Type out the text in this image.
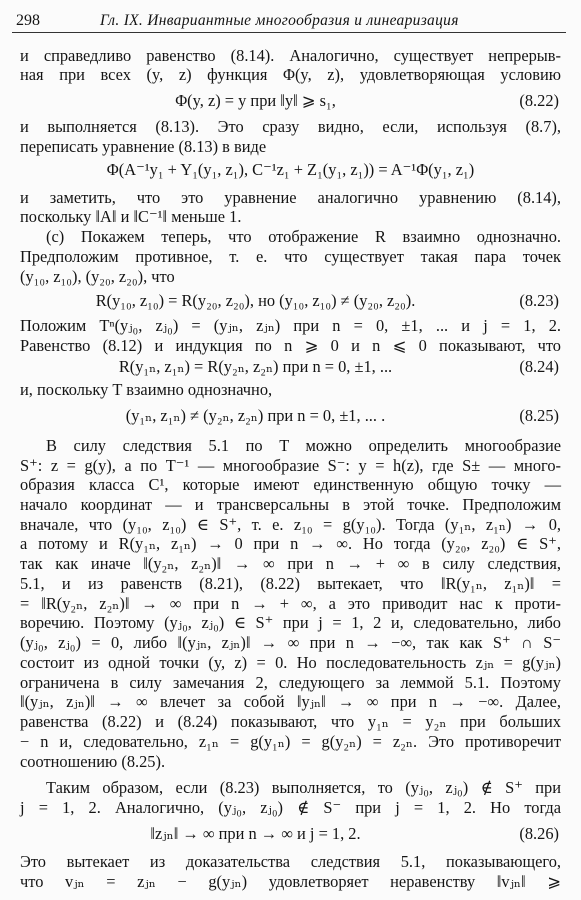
298	Гл. IX. Инвариантные многообразия и линеаризация
и справедливо равенство (8.14). Аналогично, существует непрерыв-
ная при всех (y, z) функция Φ(y, z), удовлетворяющая условию
и выполняется (8.13). Это сразу видно, если, используя (8.7),
переписать уравнение (8.13) в виде
и заметить, что это уравнение аналогично уравнению (8.14),
поскольку ‖A‖ и ‖C⁻¹‖ меньше 1.
(c) Покажем теперь, что отображение R взаимно однозначно.
Предположим противное, т. е. что существует такая пара точек
(y₁₀, z₁₀), (y₂₀, z₂₀), что
Положим Tⁿ(yⱼ₀, zⱼ₀) = (yⱼₙ, zⱼₙ) при n = 0, ±1, ... и j = 1, 2.
Равенство (8.12) и индукция по n ⩾ 0 и n ⩽ 0 показывают, что
и, поскольку T взаимно однозначно,
В силу следствия 5.1 по T можно определить многообразие
S⁺: z = g(y), а по T⁻¹ — многообразие S⁻: y = h(z), где S± — много-
образия класса C¹, которые имеют единственную общую точку —
начало координат — и трансверсальны в этой точке. Предположим
вначале, что (y₁₀, z₁₀) ∈ S⁺, т. е. z₁₀ = g(y₁₀). Тогда (y₁ₙ, z₁ₙ) → 0,
а потому и R(y₁ₙ, z₁ₙ) → 0 при n → ∞. Но тогда (y₂₀, z₂₀) ∈ S⁺,
так как иначе ‖(y₂ₙ, z₂ₙ)‖ → ∞ при n → + ∞ в силу следствия,
5.1, и из равенств (8.21), (8.22) вытекает, что ‖R(y₁ₙ, z₁ₙ)‖ =
= ‖R(y₂ₙ, z₂ₙ)‖ → ∞ при n → + ∞, а это приводит нас к проти-
воречию. Поэтому (yⱼ₀, zⱼ₀) ∈ S⁺ при j = 1, 2 и, следовательно, либо
(yⱼ₀, zⱼ₀) = 0, либо ‖(yⱼₙ, zⱼₙ)‖ → ∞ при n → −∞, так как S⁺ ∩ S⁻
состоит из одной точки (y, z) = 0. Но последовательность zⱼₙ = g(yⱼₙ)
ограничена в силу замечания 2, следующего за леммой 5.1. Поэтому
‖(yⱼₙ, zⱼₙ)‖ → ∞ влечет за собой ‖yⱼₙ‖ → ∞ при n → −∞. Далее,
равенства (8.22) и (8.24) показывают, что y₁ₙ = y₂ₙ при больших
− n и, следовательно, z₁ₙ = g(y₁ₙ) = g(y₂ₙ) = z₂ₙ. Это противоречит
соотношению (8.25).
Таким образом, если (8.23) выполняется, то (yⱼ₀, zⱼ₀) ∉ S⁺ при
j = 1, 2. Аналогично, (yⱼ₀, zⱼ₀) ∉ S⁻ при j = 1, 2. Но тогда
Это вытекает из доказательства следствия 5.1, показывающего,
что vⱼₙ = zⱼₙ − g(yⱼₙ) удовлетворяет неравенству ‖vⱼₙ‖ ⩾
Φ(y, z) = y при ‖y‖ ⩾ s₁,	(8.22)
Φ(A⁻¹y₁ + Y₁(y₁, z₁), C⁻¹z₁ + Z₁(y₁, z₁)) = A⁻¹Φ(y₁, z₁)
R(y₁₀, z₁₀) = R(y₂₀, z₂₀), но (y₁₀, z₁₀) ≠ (y₂₀, z₂₀).	(8.23)
R(y₁ₙ, z₁ₙ) = R(y₂ₙ, z₂ₙ) при n = 0, ±1, ...	(8.24)
(y₁ₙ, z₁ₙ) ≠ (y₂ₙ, z₂ₙ) при n = 0, ±1, ... .	(8.25)
‖zⱼₙ‖ → ∞ при n → ∞ и j = 1, 2.	(8.26)
